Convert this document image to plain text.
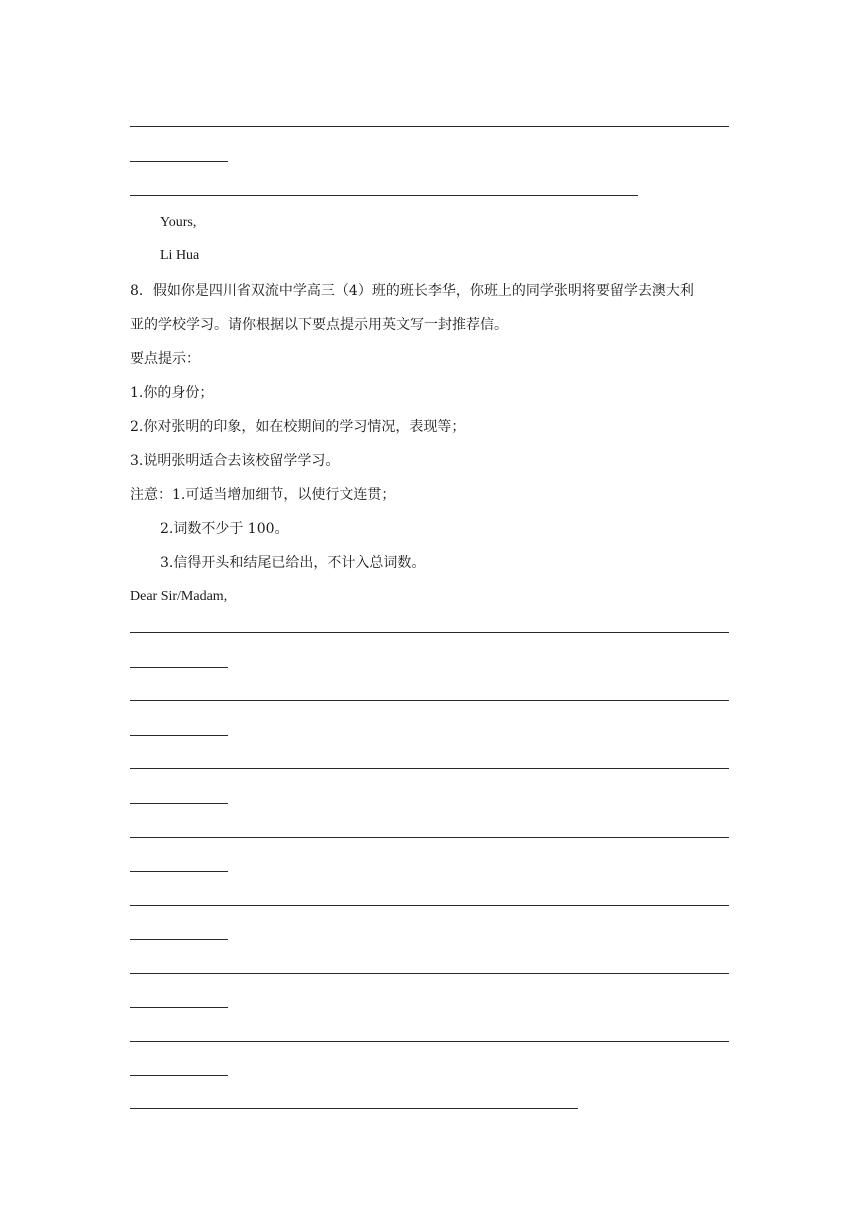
Yours,
Li Hua
8．假如你是四川省双流中学高三（4）班的班长李华，你班上的同学张明将要留学去澳大利
亚的学校学习。请你根据以下要点提示用英文写一封推荐信。
要点提示：
1.你的身份；
2.你对张明的印象，如在校期间的学习情况，表现等；
3.说明张明适合去该校留学学习。
注意：1.可适当增加细节，以使行文连贯；
2.词数不少于 100。
3.信得开头和结尾已给出，不计入总词数。
Dear Sir/Madam,
